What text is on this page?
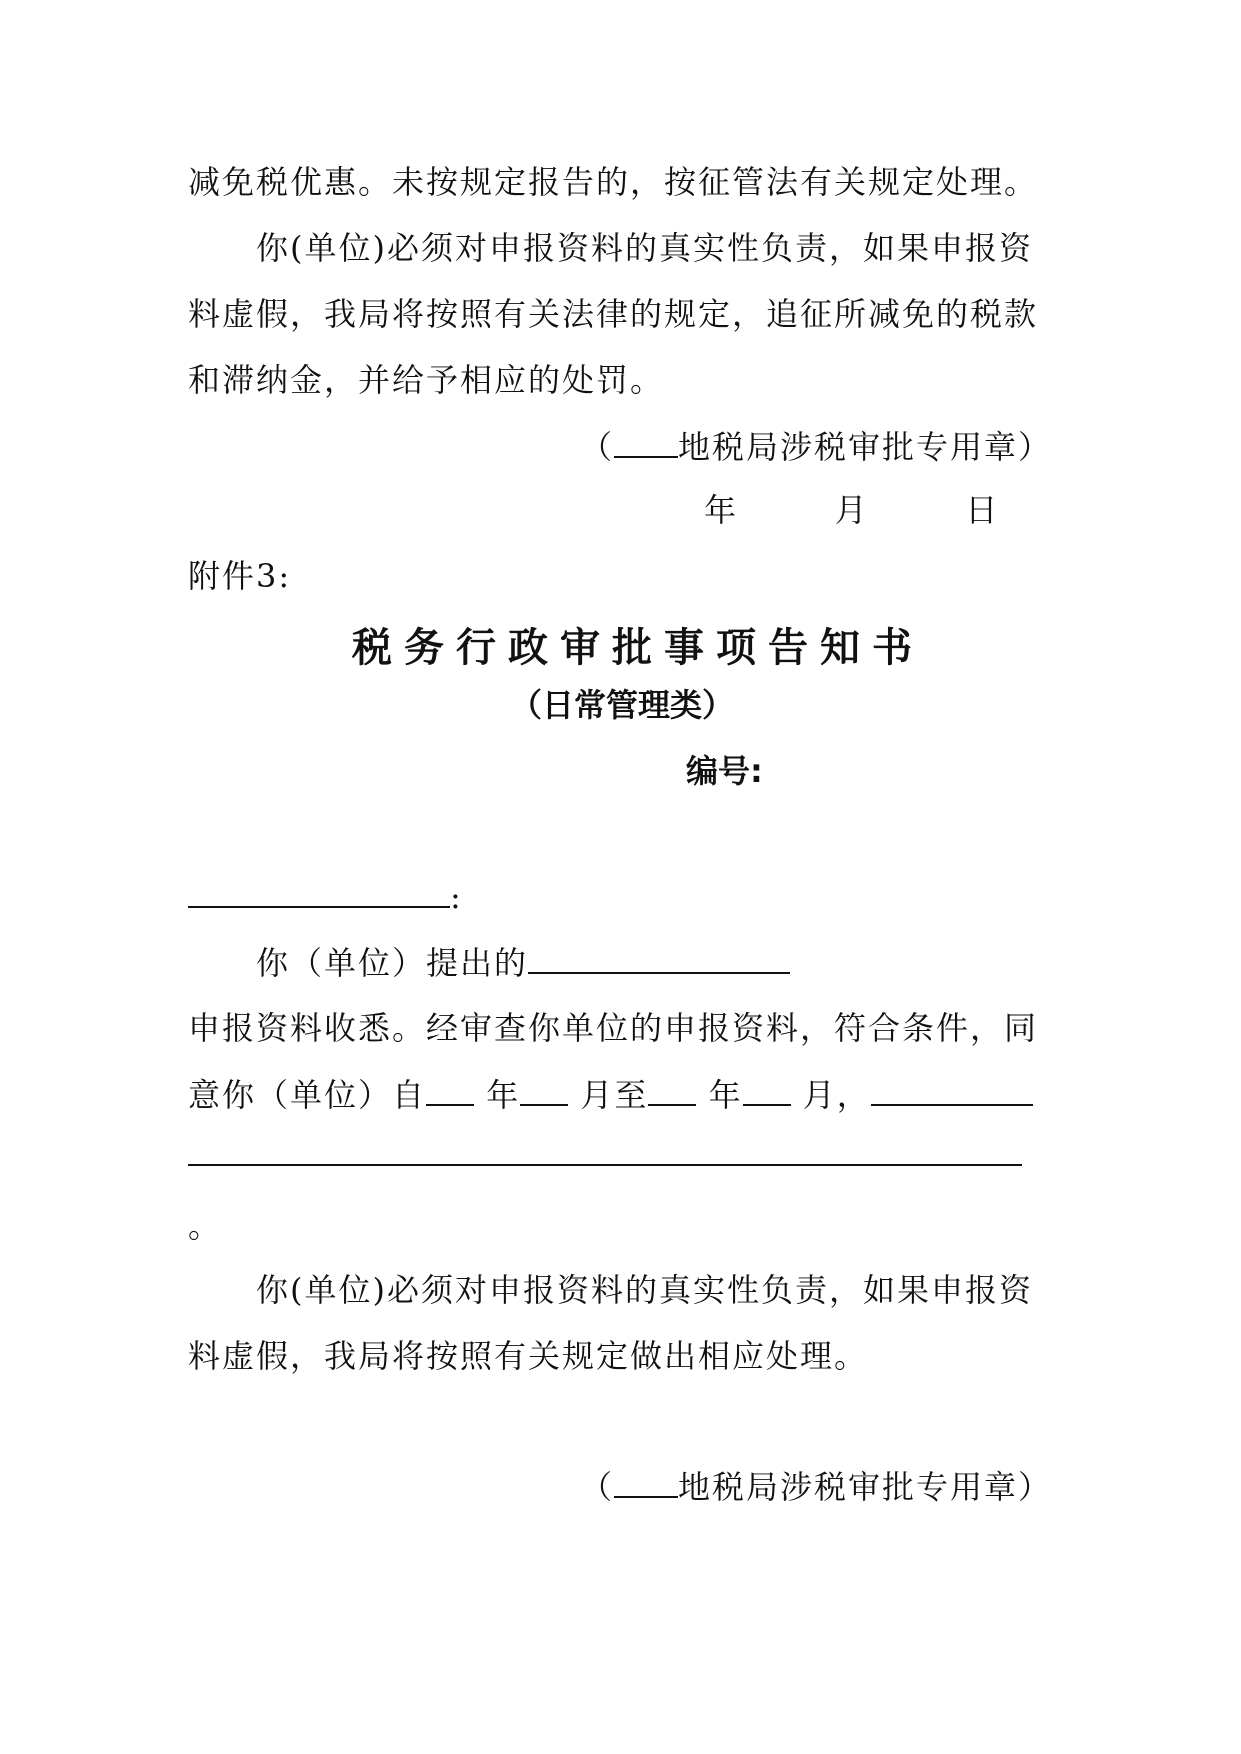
减免税优惠。未按规定报告的，按征管法有关规定处理。
你(单位)必须对申报资料的真实性负责，如果申报资
料虚假，我局将按照有关法律的规定，追征所减免的税款
和滞纳金，并给予相应的处罚。
（ 地税局涉税审批专用章）
年    月    日
附件3:
税务行政审批事项告知书
（日常管理类）
编号:
:
你（单位）提出的
申报资料收悉。经审查你单位的申报资料，符合条件，同
意你（单位）自 年 月至 年 月，
。
你(单位)必须对申报资料的真实性负责，如果申报资
料虚假，我局将按照有关规定做出相应处理。
（ 地税局涉税审批专用章）
